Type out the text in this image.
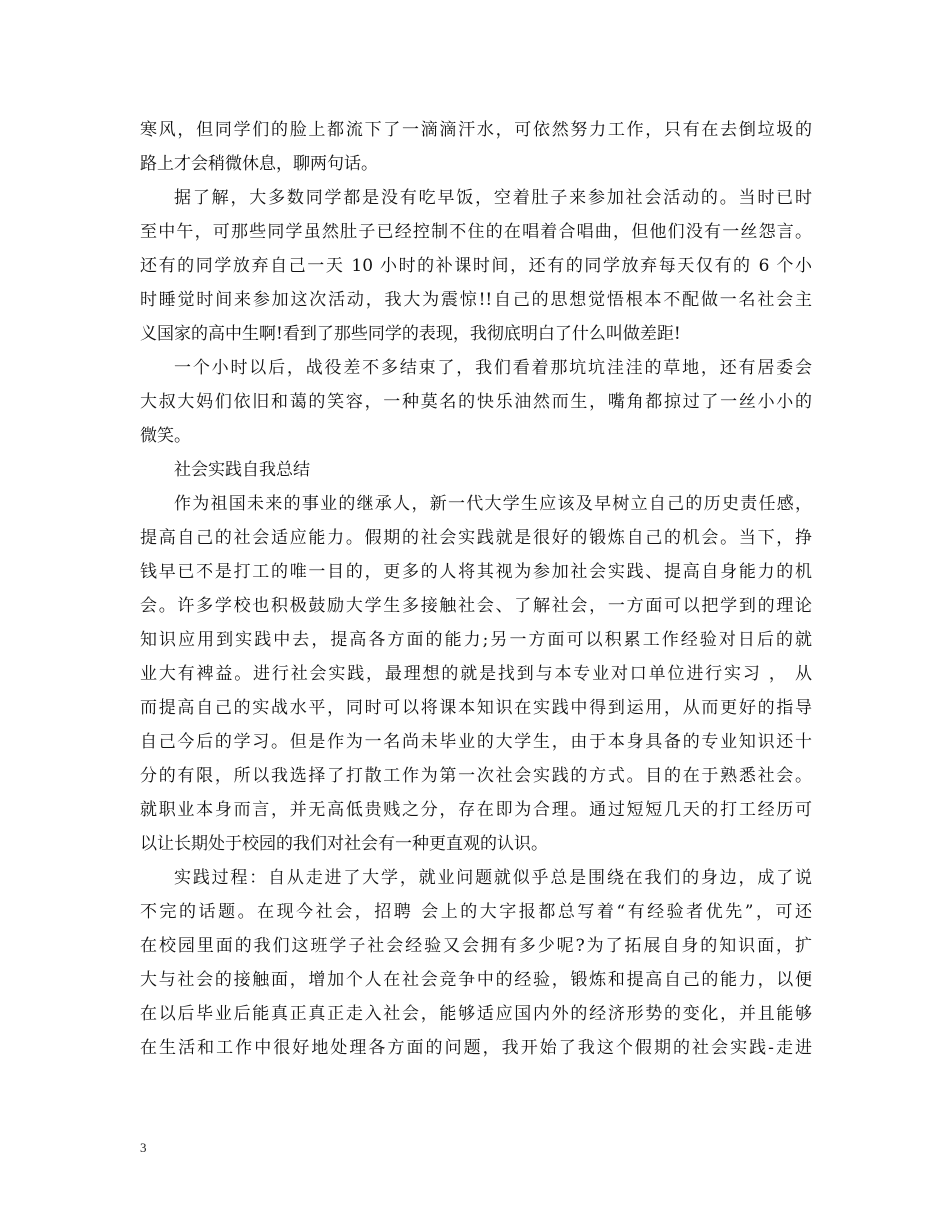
寒风，但同学们的脸上都流下了一滴滴汗水，可依然努力工作，只有在去倒垃圾的
路上才会稍微休息，聊两句话。
据了解，大多数同学都是没有吃早饭，空着肚子来参加社会活动的。当时已时
至中午，可那些同学虽然肚子已经控制不住的在唱着合唱曲，但他们没有一丝怨言。
还有的同学放弃自己一天 10 小时的补课时间，还有的同学放弃每天仅有的 6 个小
时睡觉时间来参加这次活动，我大为震惊!!自己的思想觉悟根本不配做一名社会主
义国家的高中生啊!看到了那些同学的表现，我彻底明白了什么叫做差距!
一个小时以后，战役差不多结束了，我们看着那坑坑洼洼的草地，还有居委会
大叔大妈们依旧和蔼的笑容，一种莫名的快乐油然而生，嘴角都掠过了一丝小小的
微笑。
社会实践自我总结
作为祖国未来的事业的继承人，新一代大学生应该及早树立自己的历史责任感，
提高自己的社会适应能力。假期的社会实践就是很好的锻炼自己的机会。当下，挣
钱早已不是打工的唯一目的，更多的人将其视为参加社会实践、提高自身能力的机
会。许多学校也积极鼓励大学生多接触社会、了解社会，一方面可以把学到的理论
知识应用到实践中去，提高各方面的能力;另一方面可以积累工作经验对日后的就
业大有裨益。进行社会实践，最理想的就是找到与本专业对口单位进行实习 ， 从
而提高自己的实战水平，同时可以将课本知识在实践中得到运用，从而更好的指导
自己今后的学习。但是作为一名尚未毕业的大学生，由于本身具备的专业知识还十
分的有限，所以我选择了打散工作为第一次社会实践的方式。目的在于熟悉社会。
就职业本身而言，并无高低贵贱之分，存在即为合理。通过短短几天的打工经历可
以让长期处于校园的我们对社会有一种更直观的认识。
实践过程：自从走进了大学，就业问题就似乎总是围绕在我们的身边，成了说
不完的话题。在现今社会，招聘 会上的大字报都总写着“有经验者优先”，可还
在校园里面的我们这班学子社会经验又会拥有多少呢?为了拓展自身的知识面，扩
大与社会的接触面，增加个人在社会竞争中的经验，锻炼和提高自己的能力，以便
在以后毕业后能真正真正走入社会，能够适应国内外的经济形势的变化，并且能够
在生活和工作中很好地处理各方面的问题，我开始了我这个假期的社会实践-走进
3
